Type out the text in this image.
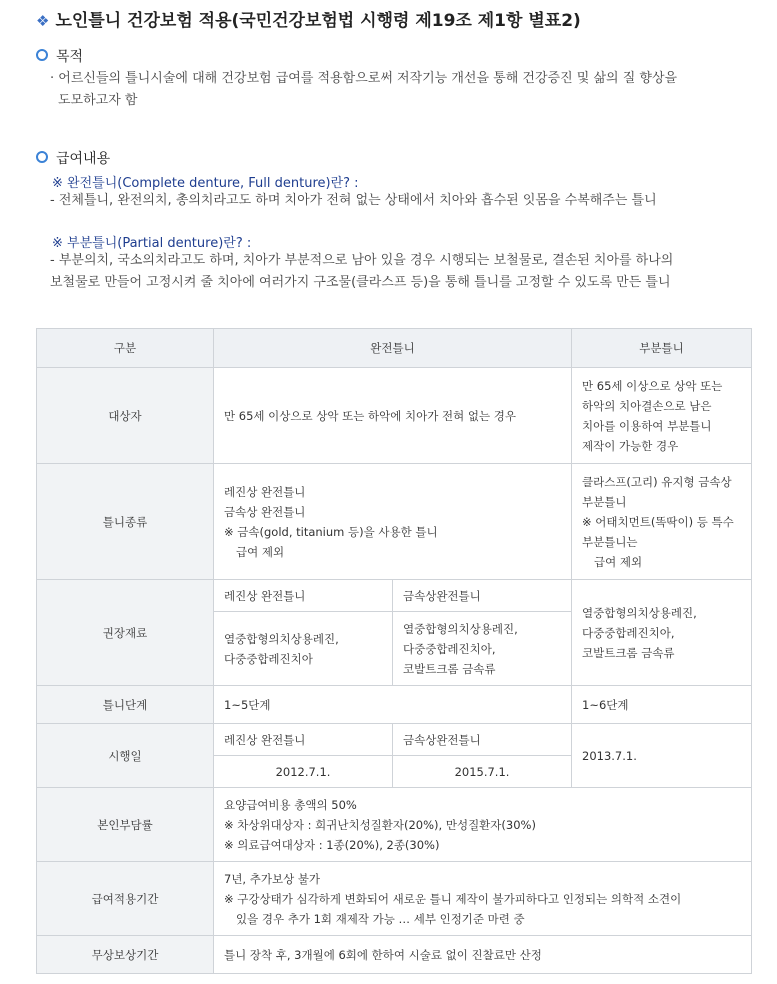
❖ 노인틀니 건강보험 적용(국민건강보험법 시행령 제19조 제1항 별표2)
목적
· 어르신들의 틀니시술에 대해 건강보험 급여를 적용함으로써 저작기능 개선을 통해 건강증진 및 삶의 질 향상을
도모하고자 함
급여내용
※ 완전틀니(Complete denture, Full denture)란? :
- 전체틀니, 완전의치, 총의치라고도 하며 치아가 전혀 없는 상태에서 치아와 흡수된 잇몸을 수복해주는 틀니
※ 부분틀니(Partial denture)란? :
- 부분의치, 국소의치라고도 하며, 치아가 부분적으로 남아 있을 경우 시행되는 보철물로, 결손된 치아를 하나의
보철물로 만들어 고정시켜 줄 치아에 여러가지 구조물(클라스프 등)을 통해 틀니를 고정할 수 있도록 만든 틀니
구분	완전틀니		부분틀니
대상자	만 65세 이상으로 상악 또는 하악에 치아가 전혀 없는 경우		만 65세 이상으로 상악 또는
하악의 치아결손으로 남은
치아를 이용하여 부분틀니
제작이 가능한 경우

틀니종류	레진상 완전틀니
금속상 완전틀니
※ 금속(gold, titanium 등)을 사용한 틀니
급여 제외		클라스프(고리) 유지형 금속상
부분틀니
※ 어태치먼트(똑딱이) 등 특수
부분틀니는
급여 제외

권장재료	레진상 완전틀니	금속상완전틀니	열중합형의치상용레진,
다중중합레진치아,
코발트크롬 금속류

	열중합형의치상용레진,
다중중합레진치아	열중합형의치상용레진,
다중중합레진치아,
코발트크롬 금속류	

틀니단계	1~5단계		1~6단계
시행일	레진상 완전틀니	금속상완전틀니	2013.7.1.
	2012.7.1.	2015.7.1.	
본인부담률	요양급여비용 총액의 50%
※ 차상위대상자 : 희귀난치성질환자(20%), 만성질환자(30%)
※ 의료급여대상자 : 1종(20%), 2종(30%)		

급여적용기간	7년, 추가보상 불가
※ 구강상태가 심각하게 변화되어 새로운 틀니 제작이 불가피하다고 인정되는 의학적 소견이
있을 경우 추가 1회 재제작 가능 … 세부 인정기준 마련 중		

무상보상기간	틀니 장착 후, 3개월에 6회에 한하여 시술료 없이 진찰료만 산정		
